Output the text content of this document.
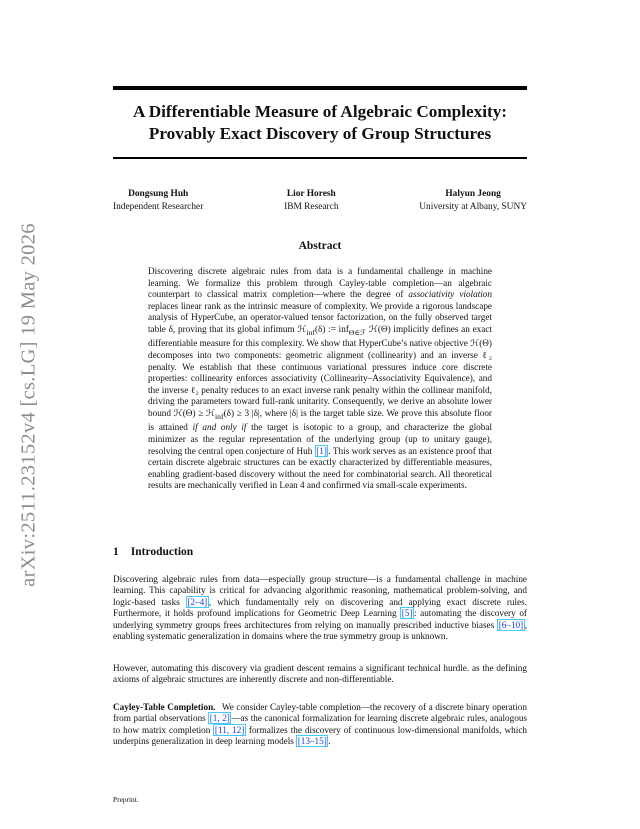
arXiv:2511.23152v4 [cs.LG] 19 May 2026
A Differentiable Measure of Algebraic Complexity:
Provably Exact Discovery of Group Structures
Dongsung Huh
Independent Researcher
Lior Horesh
IBM Research
Halyun Jeong
University at Albany, SUNY
Abstract
Discovering discrete algebraic rules from data is a fundamental challenge in machine learning. We formalize this problem through Cayley-table completion—an algebraic counterpart to classical matrix completion—where the degree of associativity violation replaces linear rank as the intrinsic measure of complexity. We provide a rigorous landscape analysis of HyperCube, an operator-valued tensor factorization, on the fully observed target table δ, proving that its global infimum ℋ$_{inf}$(δ) := inf$_{\Theta\in ℱ}$ ℋ(Θ) implicitly defines an exact differentiable measure for this complexity. We show that HyperCube’s native objective ℋ(Θ) decomposes into two components: geometric alignment (collinearity) and an inverse ℓ₂ penalty. We establish that these continuous variational pressures induce core discrete properties: collinearity enforces associativity (Collinearity–Associativity Equivalence), and the inverse ℓ₂ penalty reduces to an exact inverse rank penalty within the collinear manifold, driving the parameters toward full-rank unitarity. Consequently, we derive an absolute lower bound ℋ(Θ) ≥ ℋ$_{inf}$(δ) ≥ 3 |δ|, where |δ| is the target table size. We prove this absolute floor is attained if and only if the target is isotopic to a group, and characterize the global minimizer as the regular representation of the underlying group (up to unitary gauge), resolving the central open conjecture of Huh [1] . This work serves as an existence proof that certain discrete algebraic structures can be exactly characterized by differentiable measures, enabling gradient-based discovery without the need for combinatorial search. All theoretical results are mechanically verified in Lean 4 and confirmed via small-scale experiments.
1 Introduction
Discovering algebraic rules from data—especially group structure—is a fundamental challenge in machine learning. This capability is critical for advancing algorithmic reasoning, mathematical problem-solving, and logic-based tasks [2–4] , which fundamentally rely on discovering and applying exact discrete rules. Furthermore, it holds profound implications for Geometric Deep Learning [5] : automating the discovery of underlying symmetry groups frees architectures from relying on manually prescribed inductive biases [6–10] , enabling systematic generalization in domains where the true symmetry group is unknown.
However, automating this discovery via gradient descent remains a significant technical hurdle. as the defining axioms of algebraic structures are inherently discrete and non-differentiable.
Cayley-Table Completion. We consider Cayley-table completion—the recovery of a discrete binary operation from partial observations [1, 2] —as the canonical formalization for learning discrete algebraic rules, analogous to how matrix completion [11, 12] formalizes the discovery of continuous low-dimensional manifolds, which underpins generalization in deep learning models [13–15] .
Preprint.
